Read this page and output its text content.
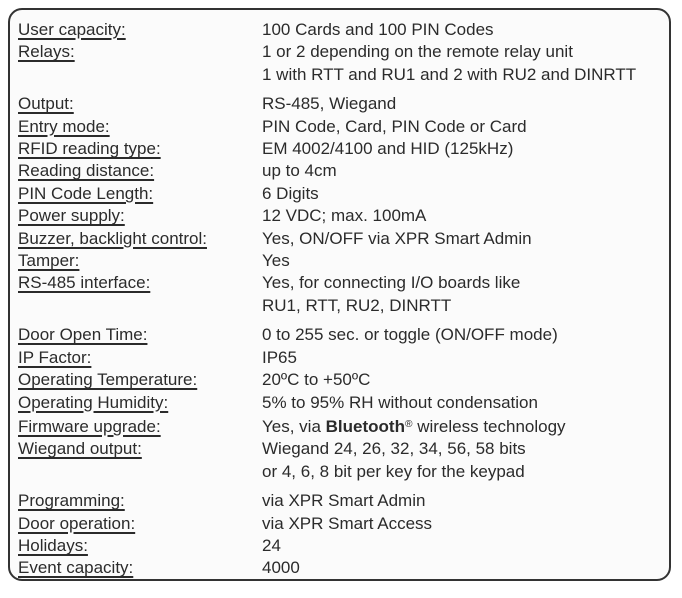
User capacity:	100 Cards and 100 PIN Codes
Relays:	1 or 2 depending on the remote relay unit
1 with RTT and RU1 and 2 with RU2 and DINRTT
Output:	RS-485, Wiegand
Entry mode:	PIN Code, Card, PIN Code or Card
RFID reading type:	EM 4002/4100 and HID (125kHz)
Reading distance:	up to 4cm
PIN Code Length:	6 Digits
Power supply:	12 VDC; max. 100mA
Buzzer, backlight control:	Yes, ON/OFF via XPR Smart Admin
Tamper:	Yes
RS-485 interface:	Yes, for connecting I/O boards like
RU1, RTT, RU2, DINRTT
Door Open Time:	0 to 255 sec. or toggle (ON/OFF mode)
IP Factor:	IP65
Operating Temperature:	20ºC to +50ºC
Operating Humidity:	5% to 95% RH without condensation
Firmware upgrade:	Yes, via Bluetooth® wireless technology
Wiegand output:	Wiegand 24, 26, 32, 34, 56, 58 bits
or 4, 6, 8 bit per key for the keypad
Programming:	via XPR Smart Admin
Door operation:	via XPR Smart Access
Holidays:	24
Event capacity:	4000
